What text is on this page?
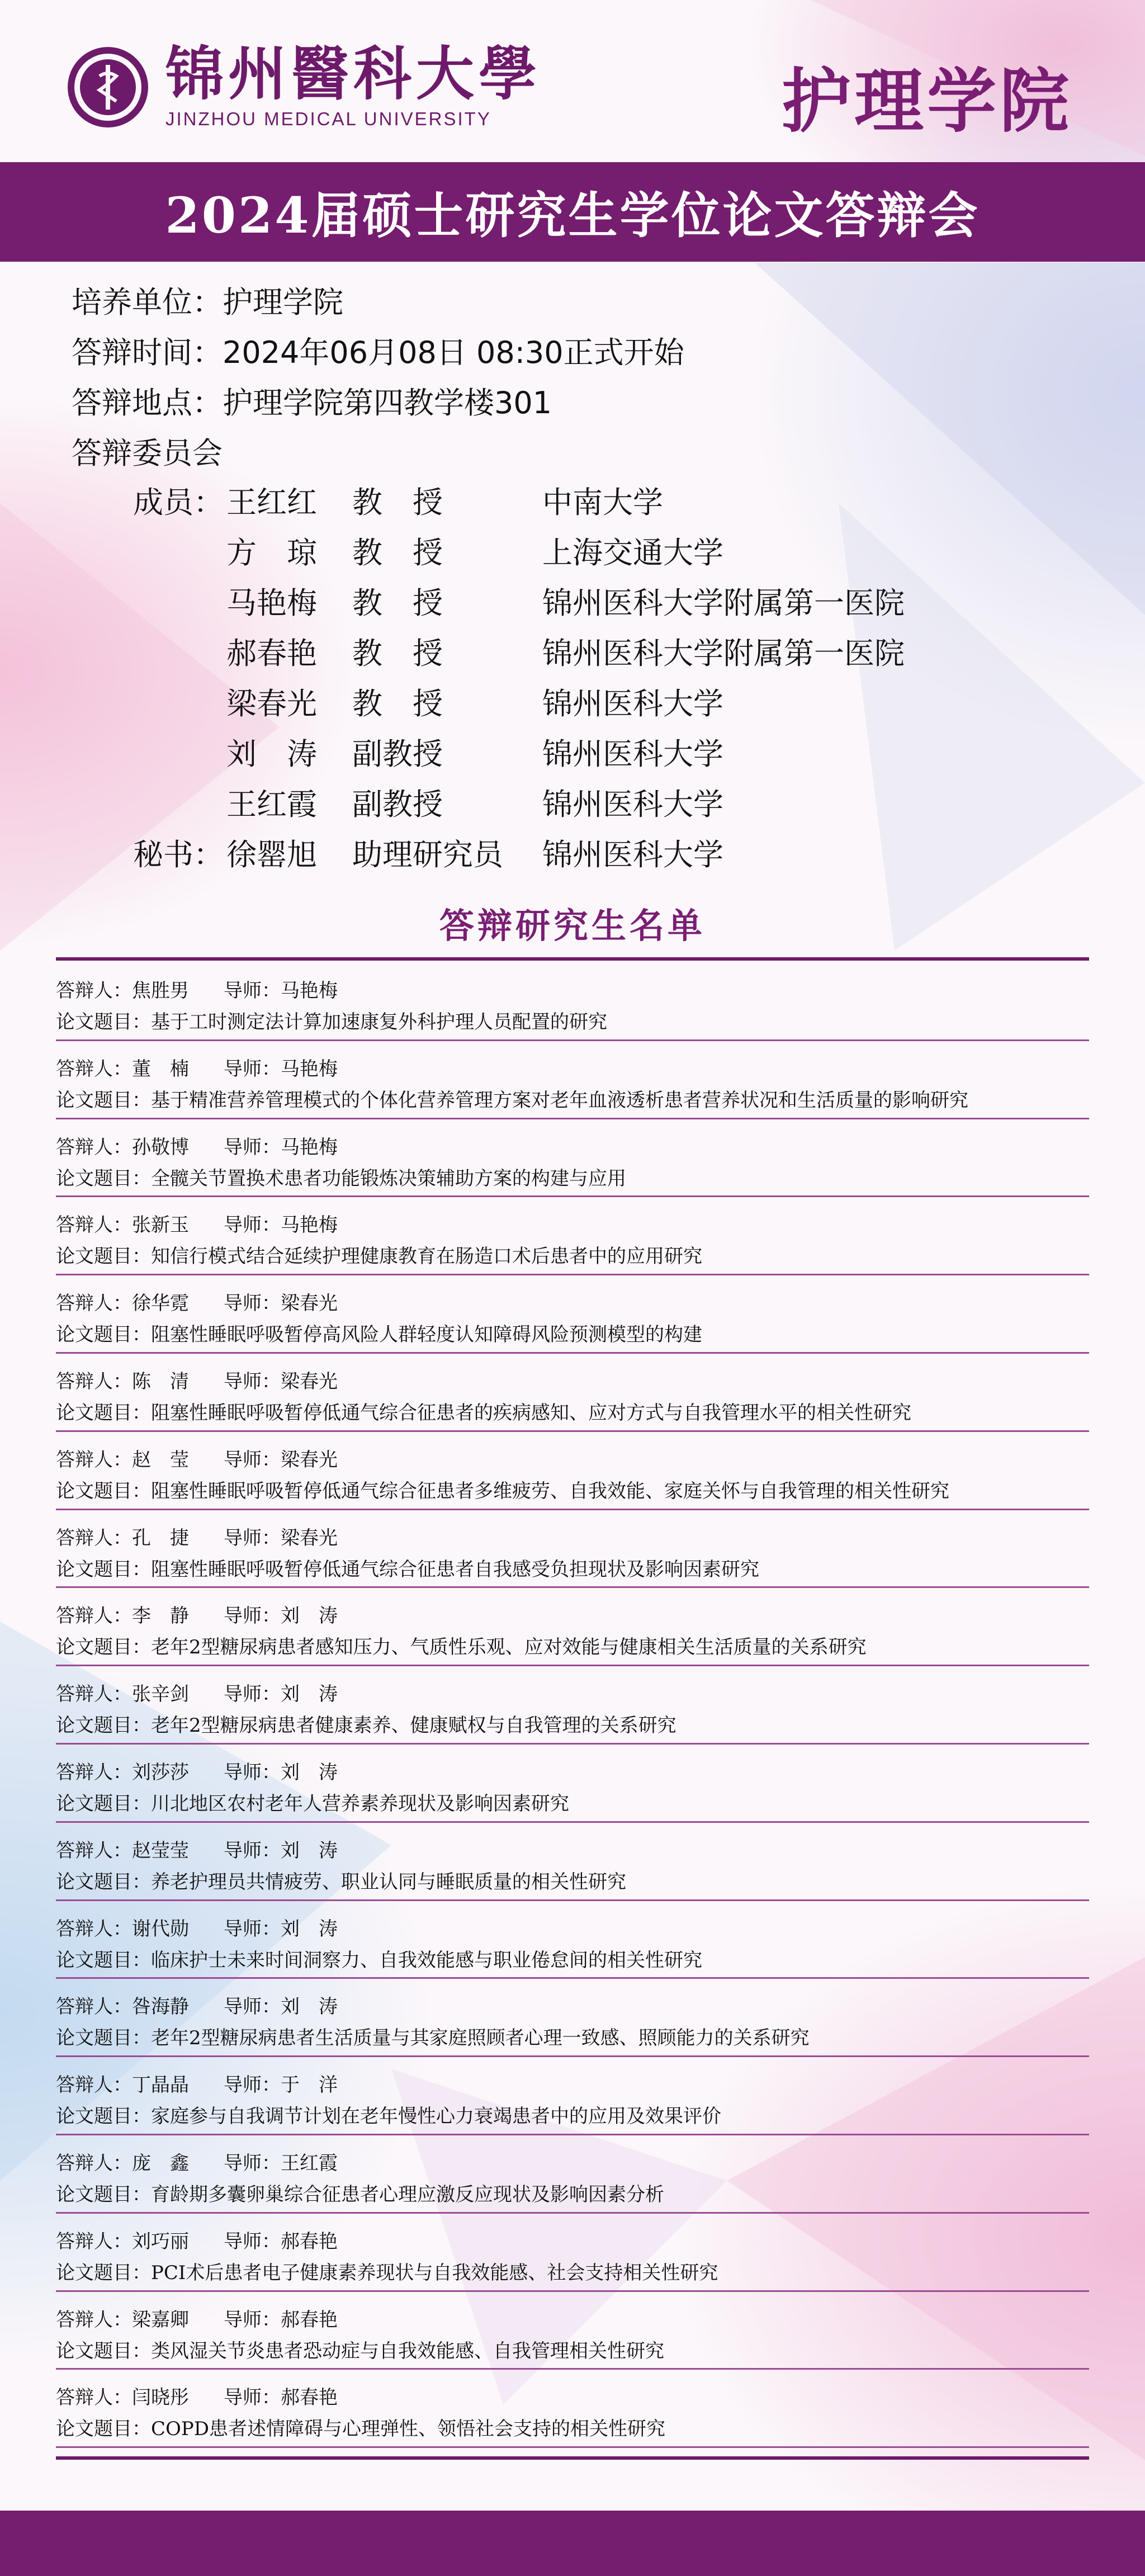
锦州醫科大學
JINZHOU MEDICAL UNIVERSITY	护理学院
2024届硕士研究生学位论文答辩会
培养单位：护理学院
答辩时间：2024年06月08日 08:30正式开始
答辩地点：护理学院第四教学楼301
答辩委员会
成员： 王红红 教　授	中南大学
方　琼 教　授	上海交通大学
马艳梅 教　授	锦州医科大学附属第一医院
郝春艳 教　授	锦州医科大学附属第一医院
梁春光 教　授	锦州医科大学
刘　涛 副教授	锦州医科大学
王红霞 副教授	锦州医科大学
秘书： 徐罂旭 助理研究员 锦州医科大学
答辩研究生名单
答辩人：焦胜男 导师：马艳梅
论文题目：基于工时测定法计算加速康复外科护理人员配置的研究
答辩人：董　楠 导师：马艳梅
论文题目：基于精准营养管理模式的个体化营养管理方案对老年血液透析患者营养状况和生活质量的影响研究
答辩人：孙敬博 导师：马艳梅
论文题目：全髋关节置换术患者功能锻炼决策辅助方案的构建与应用
答辩人：张新玉 导师：马艳梅
论文题目：知信行模式结合延续护理健康教育在肠造口术后患者中的应用研究
答辩人：徐华霓 导师：梁春光
论文题目：阻塞性睡眠呼吸暂停高风险人群轻度认知障碍风险预测模型的构建
答辩人：陈　清 导师：梁春光
论文题目：阻塞性睡眠呼吸暂停低通气综合征患者的疾病感知、应对方式与自我管理水平的相关性研究
答辩人：赵　莹 导师：梁春光
论文题目：阻塞性睡眠呼吸暂停低通气综合征患者多维疲劳、自我效能、家庭关怀与自我管理的相关性研究
答辩人：孔　捷 导师：梁春光
论文题目：阻塞性睡眠呼吸暂停低通气综合征患者自我感受负担现状及影响因素研究
答辩人：李　静 导师：刘　涛
论文题目：老年2型糖尿病患者感知压力、气质性乐观、应对效能与健康相关生活质量的关系研究
答辩人：张辛剑 导师：刘　涛
论文题目：老年2型糖尿病患者健康素养、健康赋权与自我管理的关系研究
答辩人：刘莎莎 导师：刘　涛
论文题目：川北地区农村老年人营养素养现状及影响因素研究
答辩人：赵莹莹 导师：刘　涛
论文题目：养老护理员共情疲劳、职业认同与睡眠质量的相关性研究
答辩人：谢代勋 导师：刘　涛
论文题目：临床护士未来时间洞察力、自我效能感与职业倦怠间的相关性研究
答辩人：咎海静 导师：刘　涛
论文题目：老年2型糖尿病患者生活质量与其家庭照顾者心理一致感、照顾能力的关系研究
答辩人：丁晶晶 导师：于　洋
论文题目：家庭参与自我调节计划在老年慢性心力衰竭患者中的应用及效果评价
答辩人：庞　鑫 导师：王红霞
论文题目：育龄期多囊卵巢综合征患者心理应激反应现状及影响因素分析
答辩人：刘巧丽 导师：郝春艳
论文题目：PCI术后患者电子健康素养现状与自我效能感、社会支持相关性研究
答辩人：梁嘉卿 导师：郝春艳
论文题目：类风湿关节炎患者恐动症与自我效能感、自我管理相关性研究
答辩人：闫晓彤 导师：郝春艳
论文题目：COPD患者述情障碍与心理弹性、领悟社会支持的相关性研究
